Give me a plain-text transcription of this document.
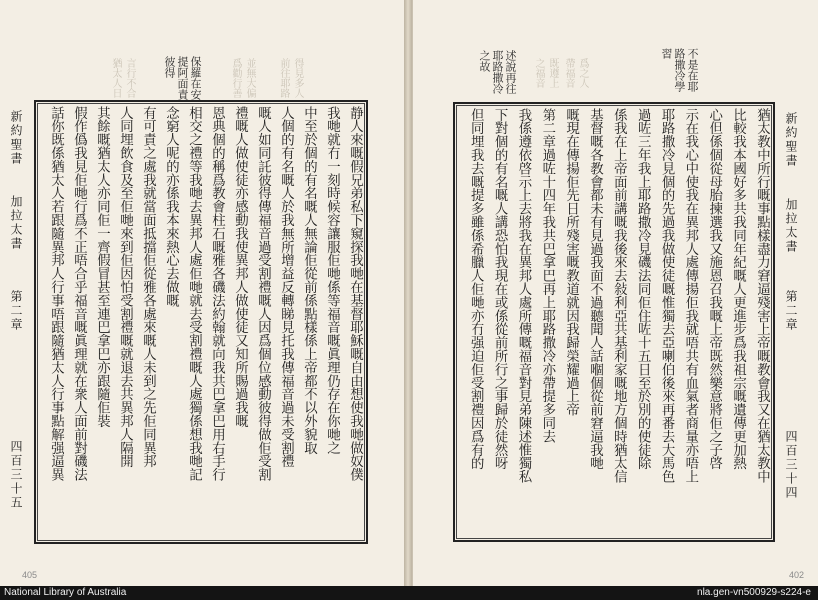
猶太人日 言行不合	爲勸行善 並無大偏 前往耶路 得見多人
保羅在安
提阿面責
彼得
静人來嘅假兄弟私下窺探我哋在基督耶穌嘅自由想使我哋做奴僕
我哋就冇一刻時候容讓服佢哋係等福音嘅眞理仍存在你哋之
中至於個的有名嘅人無論佢從前係點樣係上帝都不以外貌取
人個的有名嘅人於我無所增益反轉睇見托我傳福音過未受割禮
嘅人如同託彼得傳福音過受割禮嘅人因爲個位感動彼得做佢受割
禮嘅人做使徒亦感動我使異邦人做使徒又知所賜過我嘅
恩典個的稱爲教會柱石嘅雅各磯法約翰就向我共巴拿巴用右手行
相交之禮等我哋去異邦人處佢哋就去受割禮嘅人處獨係想我哋記
念窮人呢的亦係我本來熱心去做嘅
有可責之處我就當面抵擋佢從雅各處來嘅人未到之先佢同異邦
人同埋飲食及至佢哋來到佢因怕受割禮嘅就退去共異邦人隔開
其餘嘅猶太人亦同佢一齊假冒甚至連巴拿巴亦跟隨佢裝
假作僞我見佢哋行爲不正唔合乎福音嘅眞理就在衆人面前對磯法
話你既係猶太人若跟隨異邦人行事唔跟隨猶太人行事點解强逼異
新約聖書
加拉太書
第二章
四百三十五
405
之福音 既遵上 帶福音 爲之人	不是在耶
路撒冷學
習
述說再往
耶路撒冷
之故
猶太教中所行嘅事點樣盡力窘逼殘害上帝嘅教會我又在猶太教中
比較我本國好多共我同年紀嘅人更進步爲我祖宗嘅遺傳更加熱
心但係個從母胎揀選我又施恩召我嘅上帝既然樂意將佢之子啓
示在我心中使我在異邦人處傳揚佢我就唔共有血氣者商量亦唔上
耶路撒冷見個的先過我做使徒嘅惟獨去亞喇伯後來再番去大馬色
過咗三年我上耶路撒冷見磯法同佢住咗十五日至於別的使徒除
係我在上帝面前講嘅我後來去敍利亞共基利家嘅地方個時猶太信
基督嘅各教會都未有見過我面不過聽聞人話嗰個從前窘逼我哋
嘅現在傳揚佢先日所殘害嘅教道就因我歸榮耀過上帝
第二章過咗十四年我共巴拿巴再上耶路撒冷亦帶提多同去
我係遵依啓示上去將我在異邦人處所傳嘅福音對見弟陳述惟獨私
下對個的有名嘅人講恐怕我現在或係從前所行之事歸於徒然呀
但同埋我去嘅提多雖係希臘人佢哋亦冇强迫佢受割禮因爲有的	新約聖書
加拉太書
第二章
四百三十四
402
National Library of Australia	nla.gen-vn500929-s224-e
